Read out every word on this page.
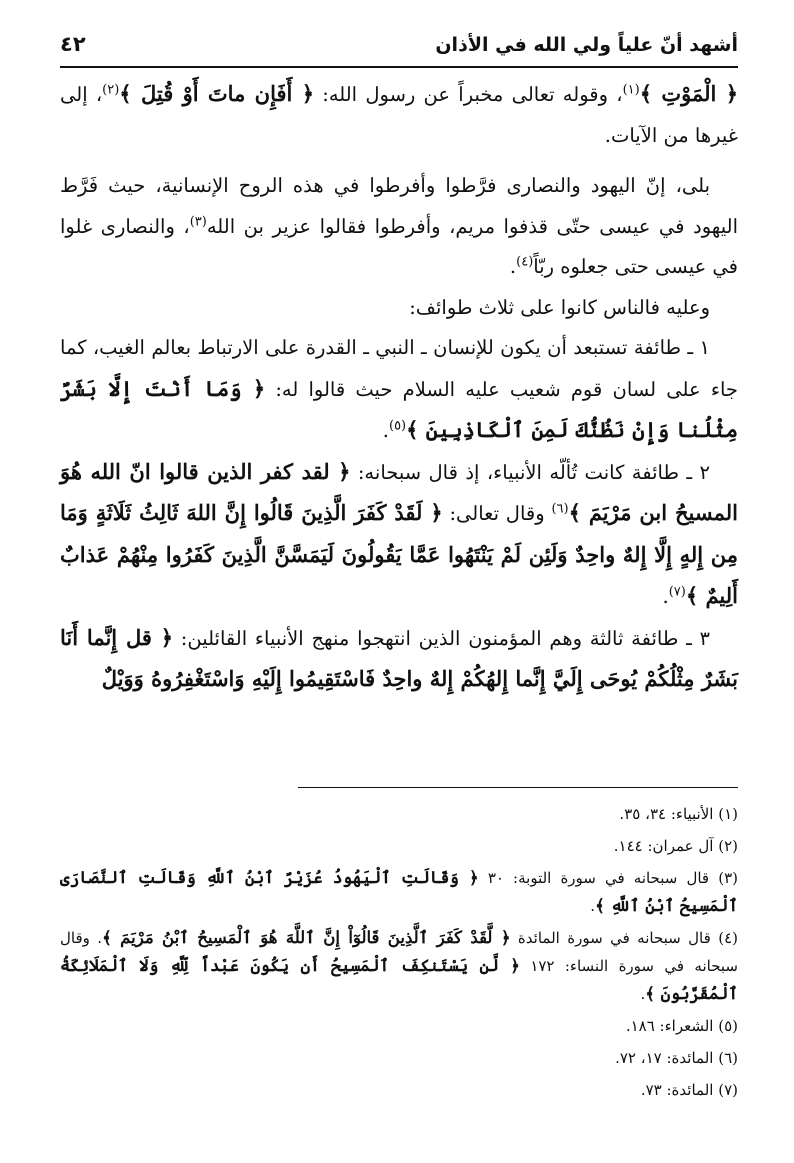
أشهد أنّ علياً ولي الله في الأذان
٤٢

﴿ الْمَوْتِ ﴾$^{(١)}$، وقوله تعالى مخبراً عن رسول الله: ﴿ أَفَإِن ماتَ أَوْ قُتِلَ ﴾$^{(٢)}$، إلى غيرها من الآيات.

بلى، إنّ اليهود والنصارى فرَّطوا وأفرطوا في هذه الروح الإنسانية، حيث فَرَّط اليهود في عيسى حتّى قذفوا مريم، وأفرطوا فقالوا عزير بن الله$^{(٣)}$، والنصارى غلوا في عيسى حتى جعلوه ربّاً$^{(٤)}$.

وعليه فالناس كانوا على ثلاث طوائف:

١ ـ طائفة تستبعد أن يكون للإنسان ـ النبي ـ القدرة على الارتباط بعالم الغيب، كما جاء على لسان قوم شعيب عليه السلام حيث قالوا له: ﴿ وَمَا أَنْتَ إِلَّا بَشَرٌ مِثْلُنا وَإِنْ نَظُنُّكَ لَمِنَ ٱلْكَاذِبِينَ ﴾$^{(٥)}$.

٢ ـ طائفة كانت تُألّه الأنبياء، إذ قال سبحانه: ﴿ لقد كفر الذين قالوا انّ الله هُوَ المسيحُ ابن مَرْيَمَ ﴾$^{(٦)}$ وقال تعالى: ﴿ لَقَدْ كَفَرَ الَّذِينَ قَالُوا إِنَّ اللهَ ثَالِثُ ثَلَاثَةٍ وَمَا مِن إِلهٍ إِلَّا إِلهٌ واحِدٌ وَلَئِن لَمْ يَنْتَهُوا عَمَّا يَقُولُونَ لَيَمَسَّنَّ الَّذِينَ كَفَرُوا مِنْهُمْ عَذابٌ أَلِيمٌ ﴾$^{(٧)}$.

٣ ـ طائفة ثالثة وهم المؤمنون الذين انتهجوا منهج الأنبياء القائلين: ﴿ قل إِنَّما أَنَا بَشَرٌ مِثْلُكُمْ يُوحَى إِلَيَّ إِنَّما إِلهُكُمْ إِلهٌ واحِدٌ فَاسْتَقِيمُوا إِلَيْهِ وَاسْتَغْفِرُوهُ وَوَيْلٌ

(١) الأنبياء: ٣٤، ٣٥.

(٢) آل عمران: ١٤٤.

(٣) قال سبحانه في سورة التوبة: ٣٠ ﴿ وَقَالَتِ ٱلْيَهُودُ عُزَيْرٌ ٱبْنُ ٱللَّهِ وَقَالَتِ ٱلنَّصَارَى ٱلْمَسِيحُ ٱبْنُ ٱللَّهِ ﴾.

(٤) قال سبحانه في سورة المائدة ﴿ لَّقَدْ كَفَرَ ٱلَّذِينَ قَالُوٓاْ إِنَّ ٱللَّهَ هُوَ ٱلْمَسِيحُ ٱبْنُ مَرْيَمَ ﴾. وقال سبحانه في سورة النساء: ١٧٢ ﴿ لَّن يَسْتَنكِفَ ٱلْمَسِيحُ أَن يَكُونَ عَبْداً لِّلَّهِ وَلَا ٱلْمَلَائِكَةُ ٱلْمُقَرَّبُونَ ﴾.

(٥) الشعراء: ١٨٦.

(٦) المائدة: ١٧، ٧٢.

(٧) المائدة: ٧٣.
